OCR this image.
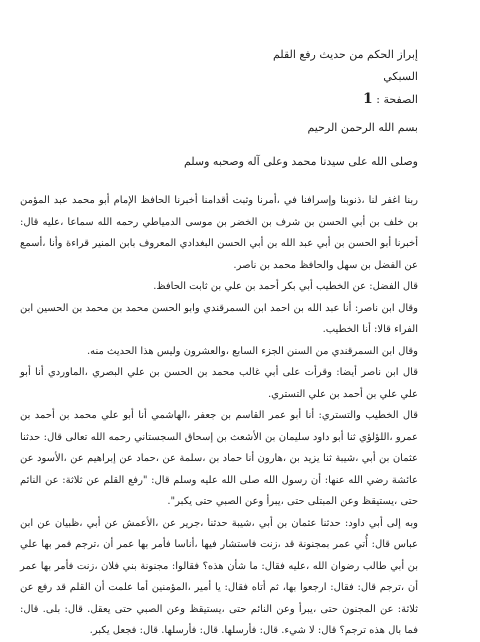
إبراز الحكم من حديث رفع القلم
السبكي
الصفحة : 1
بسم الله الرحمن الرحيم
وصلى الله على سيدنا محمد وعلى آله وصحبه وسلم

ربنا اغفر لنا ،ذنوبنا وإسرافنا في ،أمرنا وثبت أقدامنا أخبرنا الحافظ الإمام أبو محمد عبد المؤمن بن خلف بن أبي الحسن بن شرف بن الخضر بن موسى الدمياطي رحمه الله سماعا ،عليه قال: أخبرنا أبو الحسن بن أبي عبد الله بن أبي الحسن البغدادي المعروف بابن المنير قراءة وأنا ،أسمع عن الفضل بن سهل والحافظ محمد بن ناصر.

قال الفضل: عن الخطيب أبي بكر أحمد بن علي بن ثابت الحافظ.

وقال ابن ناصر: أنا عبد الله بن احمد ابن السمرقندي وابو الحسن محمد بن محمد بن الحسين ابن الفراء قالا: أنا الخطيب.

وقال ابن السمرقندي من السنن الجزء السابع ،والعشرون وليس هذا الحديث منه.

قال ابن ناصر أيضا: وقرأت على أبي غالب محمد بن الحسن بن علي البصري ،الماوردي أنا أبو علي علي بن أحمد بن علي التستري.

قال الخطيب والتستري: أنا أبو عمر القاسم بن جعفر ،الهاشمي أنا أبو علي محمد بن أحمد بن عمرو ،اللؤلؤي ثنا أبو داود سليمان بن الأشعث بن إسحاق السجستاني رحمه الله تعالى قال: حدثنا عثمان بن أبي ،شيبة ثنا يزيد بن ،هارون أنا حماد بن ،سلمة عن ،حماد عن إبراهيم عن ،الأسود عن عائشة رضي الله عنها: أن رسول الله صلى الله عليه وسلم قال: "رفع القلم عن ثلاثة: عن النائم حتى ،يستيقظ وعن المبتلى حتى ،يبرأ وعن الصبي حتى يكبر".

وبه إلى أبي داود: حدثنا عثمان بن أبي ،شيبة حدثنا ،جرير عن ،الأعمش عن أبي ،ظبيان عن ابن عباس قال: أُتي عمر بمجنونة قد ،زنت فاستشار فيها ،أناسا فأمر بها عمر أن ،ترجم فمر بها علي بن أبي طالب رضوان الله ،عليه فقال: ما شأن هذه؟ فقالوا: مجنونة بني فلان ،زنت فأمر بها عمر أن ،ترجم قال: فقال: ارجعوا بها، ثم أتاه فقال: يا أمير ،المؤمنين أما علمت أن القلم قد رفع عن ثلاثة: عن المجنون حتى ،يبرأ وعن النائم حتى ،يستيقظ وعن الصبي حتى يعقل. قال: بلى. قال: فما بال هذه ترجم؟ قال: لا شيء. قال: فأرسلها. قال: فأرسلها. قال: فجعل يكبر.
